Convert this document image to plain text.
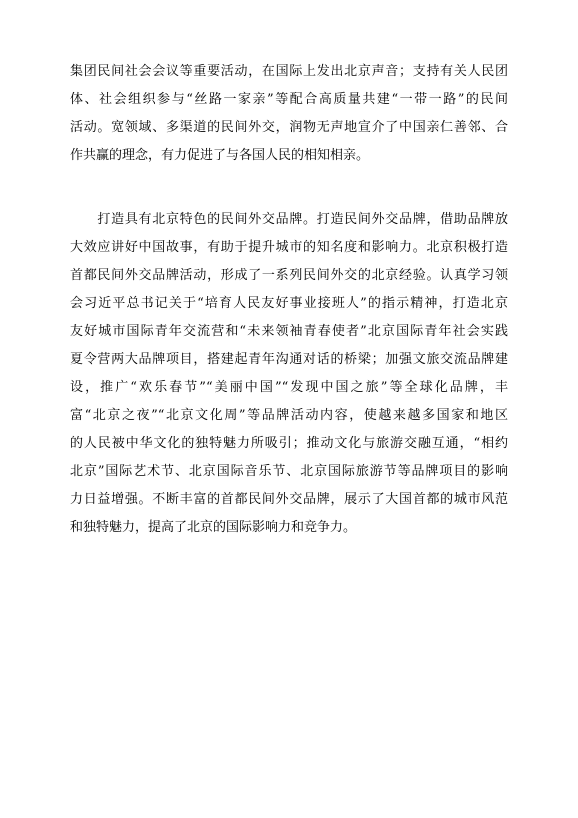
集团民间社会会议等重要活动，在国际上发出北京声音；支持有关人民团
体、社会组织参与“丝路一家亲”等配合高质量共建“一带一路”的民间
活动。宽领域、多渠道的民间外交，润物无声地宣介了中国亲仁善邻、合
作共赢的理念，有力促进了与各国人民的相知相亲。
　　打造具有北京特色的民间外交品牌。打造民间外交品牌，借助品牌放
大效应讲好中国故事，有助于提升城市的知名度和影响力。北京积极打造
首都民间外交品牌活动，形成了一系列民间外交的北京经验。认真学习领
会习近平总书记关于“培育人民友好事业接班人”的指示精神，打造北京
友好城市国际青年交流营和“未来领袖青春使者”北京国际青年社会实践
夏令营两大品牌项目，搭建起青年沟通对话的桥梁；加强文旅交流品牌建
设，推广“欢乐春节”“美丽中国”“发现中国之旅”等全球化品牌，丰
富“北京之夜”“北京文化周”等品牌活动内容，使越来越多国家和地区
的人民被中华文化的独特魅力所吸引；推动文化与旅游交融互通，“相约
北京”国际艺术节、北京国际音乐节、北京国际旅游节等品牌项目的影响
力日益增强。不断丰富的首都民间外交品牌，展示了大国首都的城市风范
和独特魅力，提高了北京的国际影响力和竞争力。
